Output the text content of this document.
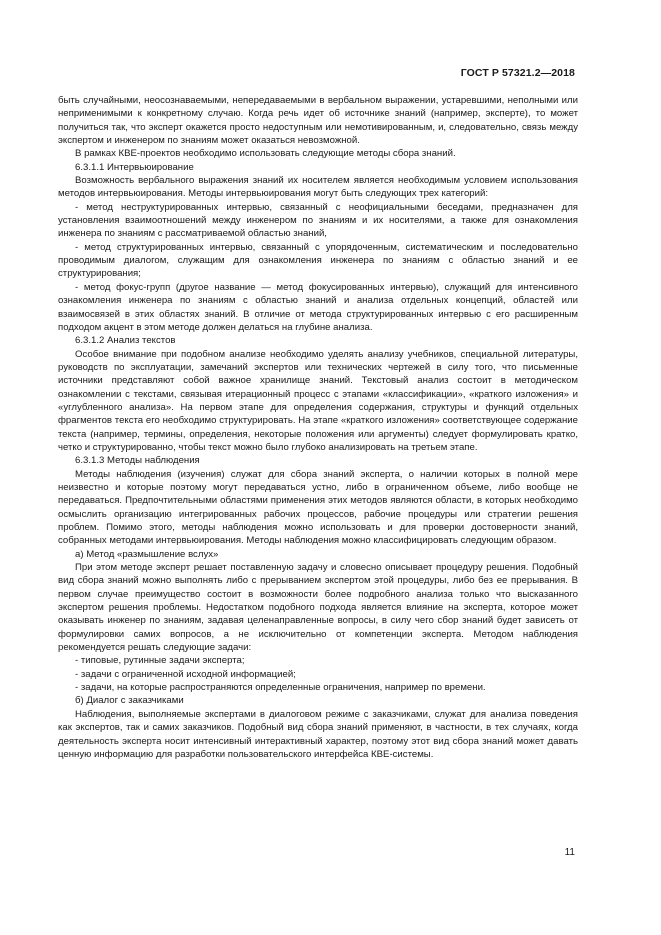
ГОСТ Р 57321.2—2018

быть случайными, неосознаваемыми, непередаваемыми в вербальном выражении, устаревшими, неполными или неприменимыми к конкретному случаю. Когда речь идет об источнике знаний (например, эксперте), то может получиться так, что эксперт окажется просто недоступным или немотивированным, и, следовательно, связь между экспертом и инженером по знаниям может оказаться невозможной.

В рамках КВЕ-проектов необходимо использовать следующие методы сбора знаний.

6.3.1.1 Интервьюирование

Возможность вербального выражения знаний их носителем является необходимым условием использования методов интервьюирования. Методы интервьюирования могут быть следующих трех категорий:

- метод неструктурированных интервью, связанный с неофициальными беседами, предназначен для установления взаимоотношений между инженером по знаниям и их носителями, а также для ознакомления инженера по знаниям с рассматриваемой областью знаний,

- метод структурированных интервью, связанный с упорядоченным, систематическим и последовательно проводимым диалогом, служащим для ознакомления инженера по знаниям с областью знаний и ее структурирования;

- метод фокус-групп (другое название — метод фокусированных интервью), служащий для интенсивного ознакомления инженера по знаниям с областью знаний и анализа отдельных концепций, областей или взаимосвязей в этих областях знаний. В отличие от метода структурированных интервью с его расширенным подходом акцент в этом методе должен делаться на глубине анализа.

6.3.1.2 Анализ текстов

Особое внимание при подобном анализе необходимо уделять анализу учебников, специальной литературы, руководств по эксплуатации, замечаний экспертов или технических чертежей в силу того, что письменные источники представляют собой важное хранилище знаний. Текстовый анализ состоит в методическом ознакомлении с текстами, связывая итерационный процесс с этапами «классификации», «краткого изложения» и «углубленного анализа». На первом этапе для определения содержания, структуры и функций отдельных фрагментов текста его необходимо структурировать. На этапе «краткого изложения» соответствующее содержание текста (например, термины, определения, некоторые положения или аргументы) следует формулировать кратко, четко и структурированно, чтобы текст можно было глубоко анализировать на третьем этапе.

6.3.1.3 Методы наблюдения

Методы наблюдения (изучения) служат для сбора знаний эксперта, о наличии которых в полной мере неизвестно и которые поэтому могут передаваться устно, либо в ограниченном объеме, либо вообще не передаваться. Предпочтительными областями применения этих методов являются области, в которых необходимо осмыслить организацию интегрированных рабочих процессов, рабочие процедуры или стратегии решения проблем. Помимо этого, методы наблюдения можно использовать и для проверки достоверности знаний, собранных методами интервьюирования. Методы наблюдения можно классифицировать следующим образом.

а) Метод «размышление вслух»

При этом методе эксперт решает поставленную задачу и словесно описывает процедуру решения. Подобный вид сбора знаний можно выполнять либо с прерыванием экспертом этой процедуры, либо без ее прерывания. В первом случае преимущество состоит в возможности более подробного анализа только что высказанного экспертом решения проблемы. Недостатком подобного подхода является влияние на эксперта, которое может оказывать инженер по знаниям, задавая целенаправленные вопросы, в силу чего сбор знаний будет зависеть от формулировки самих вопросов, а не исключительно от компетенции эксперта. Методом наблюдения рекомендуется решать следующие задачи:

- типовые, рутинные задачи эксперта;

- задачи с ограниченной исходной информацией;

- задачи, на которые распространяются определенные ограничения, например по времени.

б) Диалог с заказчиками

Наблюдения, выполняемые экспертами в диалоговом режиме с заказчиками, служат для анализа поведения как экспертов, так и самих заказчиков. Подобный вид сбора знаний применяют, в частности, в тех случаях, когда деятельность эксперта носит интенсивный интерактивный характер, поэтому этот вид сбора знаний может давать ценную информацию для разработки пользовательского интерфейса КВЕ-системы.

11
